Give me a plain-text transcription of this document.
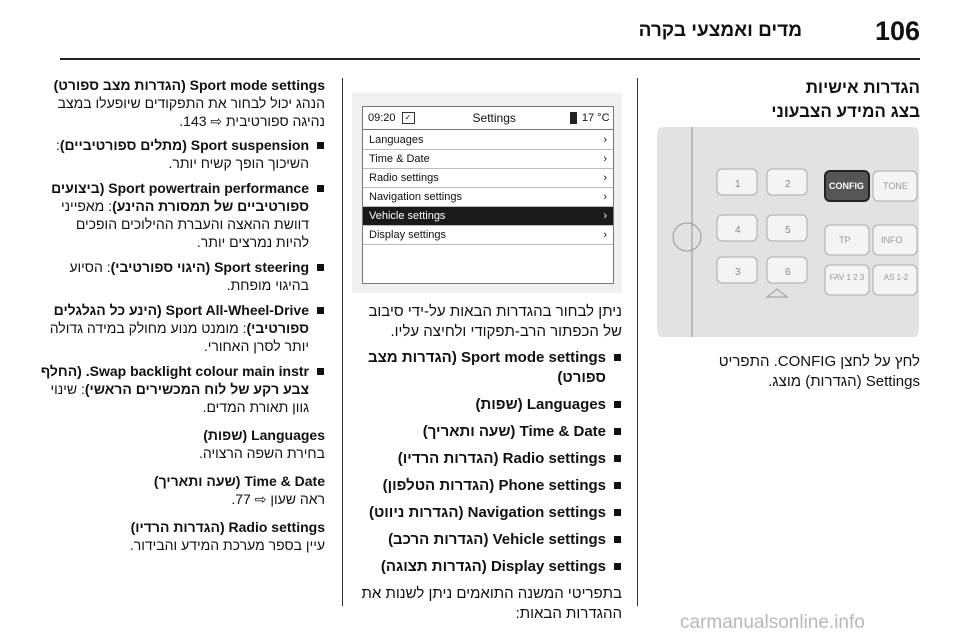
106
מדים ואמצעי בקרה
הגדרות אישיות
בצג המידע הצבעוני
1	2
4	5
3	6
CONFIG TONE
TP	INFO
FAV 1 2 3	AS 1-2

לחץ על לחצן CONFIG. התפריט

Settings (הגדרות) מוצג.

09:20	✓	Settings	17 °C
Languages	›
Time & Date	›
Radio settings	›
Navigation settings	›
Vehicle settings	›
Display settings	›

ניתן לבחור בהגדרות הבאות על-ידי סיבוב של הכפתור הרב-תפקודי ולחיצה עליו.

Sport mode settings (הגדרות מצב ספורט)
Languages (שפות)
Time & Date (שעה ותאריך)
Radio settings (הגדרות הרדיו)
Phone settings (הגדרות הטלפון)
Navigation settings (הגדרות ניווט)
Vehicle settings (הגדרות הרכב)
Display settings (הגדרות תצוגה)

בתפריטי המשנה התואמים ניתן לשנות את ההגדרות הבאות:

Sport mode settings (הגדרות מצב ספורט)

הנהג יכול לבחור את התפקודים שיופעלו במצב נהיגה ספורטיבית ⇨ 143.

Sport suspension (מתלים ספורטיביים): השיכוך הופך קשיח יותר.
Sport powertrain performance (ביצועים ספורטיביים של תמסורת ההינע): מאפייני דוושת ההאצה והעברת ההילוכים הופכים להיות נמרצים יותר.
Sport steering (היגוי ספורטיבי): הסיוע בהיגוי מופחת.
Sport All-Wheel-Drive (הינע כל הגלגלים ספורטיבי): מומנט מנוע מחולק במידה גדולה יותר לסרן האחורי.
Swap backlight colour main instr. (החלף צבע רקע של לוח המכשירים הראשי): שינוי גוון תאורת המדים.
Languages (שפות)

בחירת השפה הרצויה.

Time & Date (שעה ותאריך)

ראה שעון ⇨ 77.

Radio settings (הגדרות הרדיו)

עיין בספר מערכת המידע והבידור.

carmanualsonline.info
